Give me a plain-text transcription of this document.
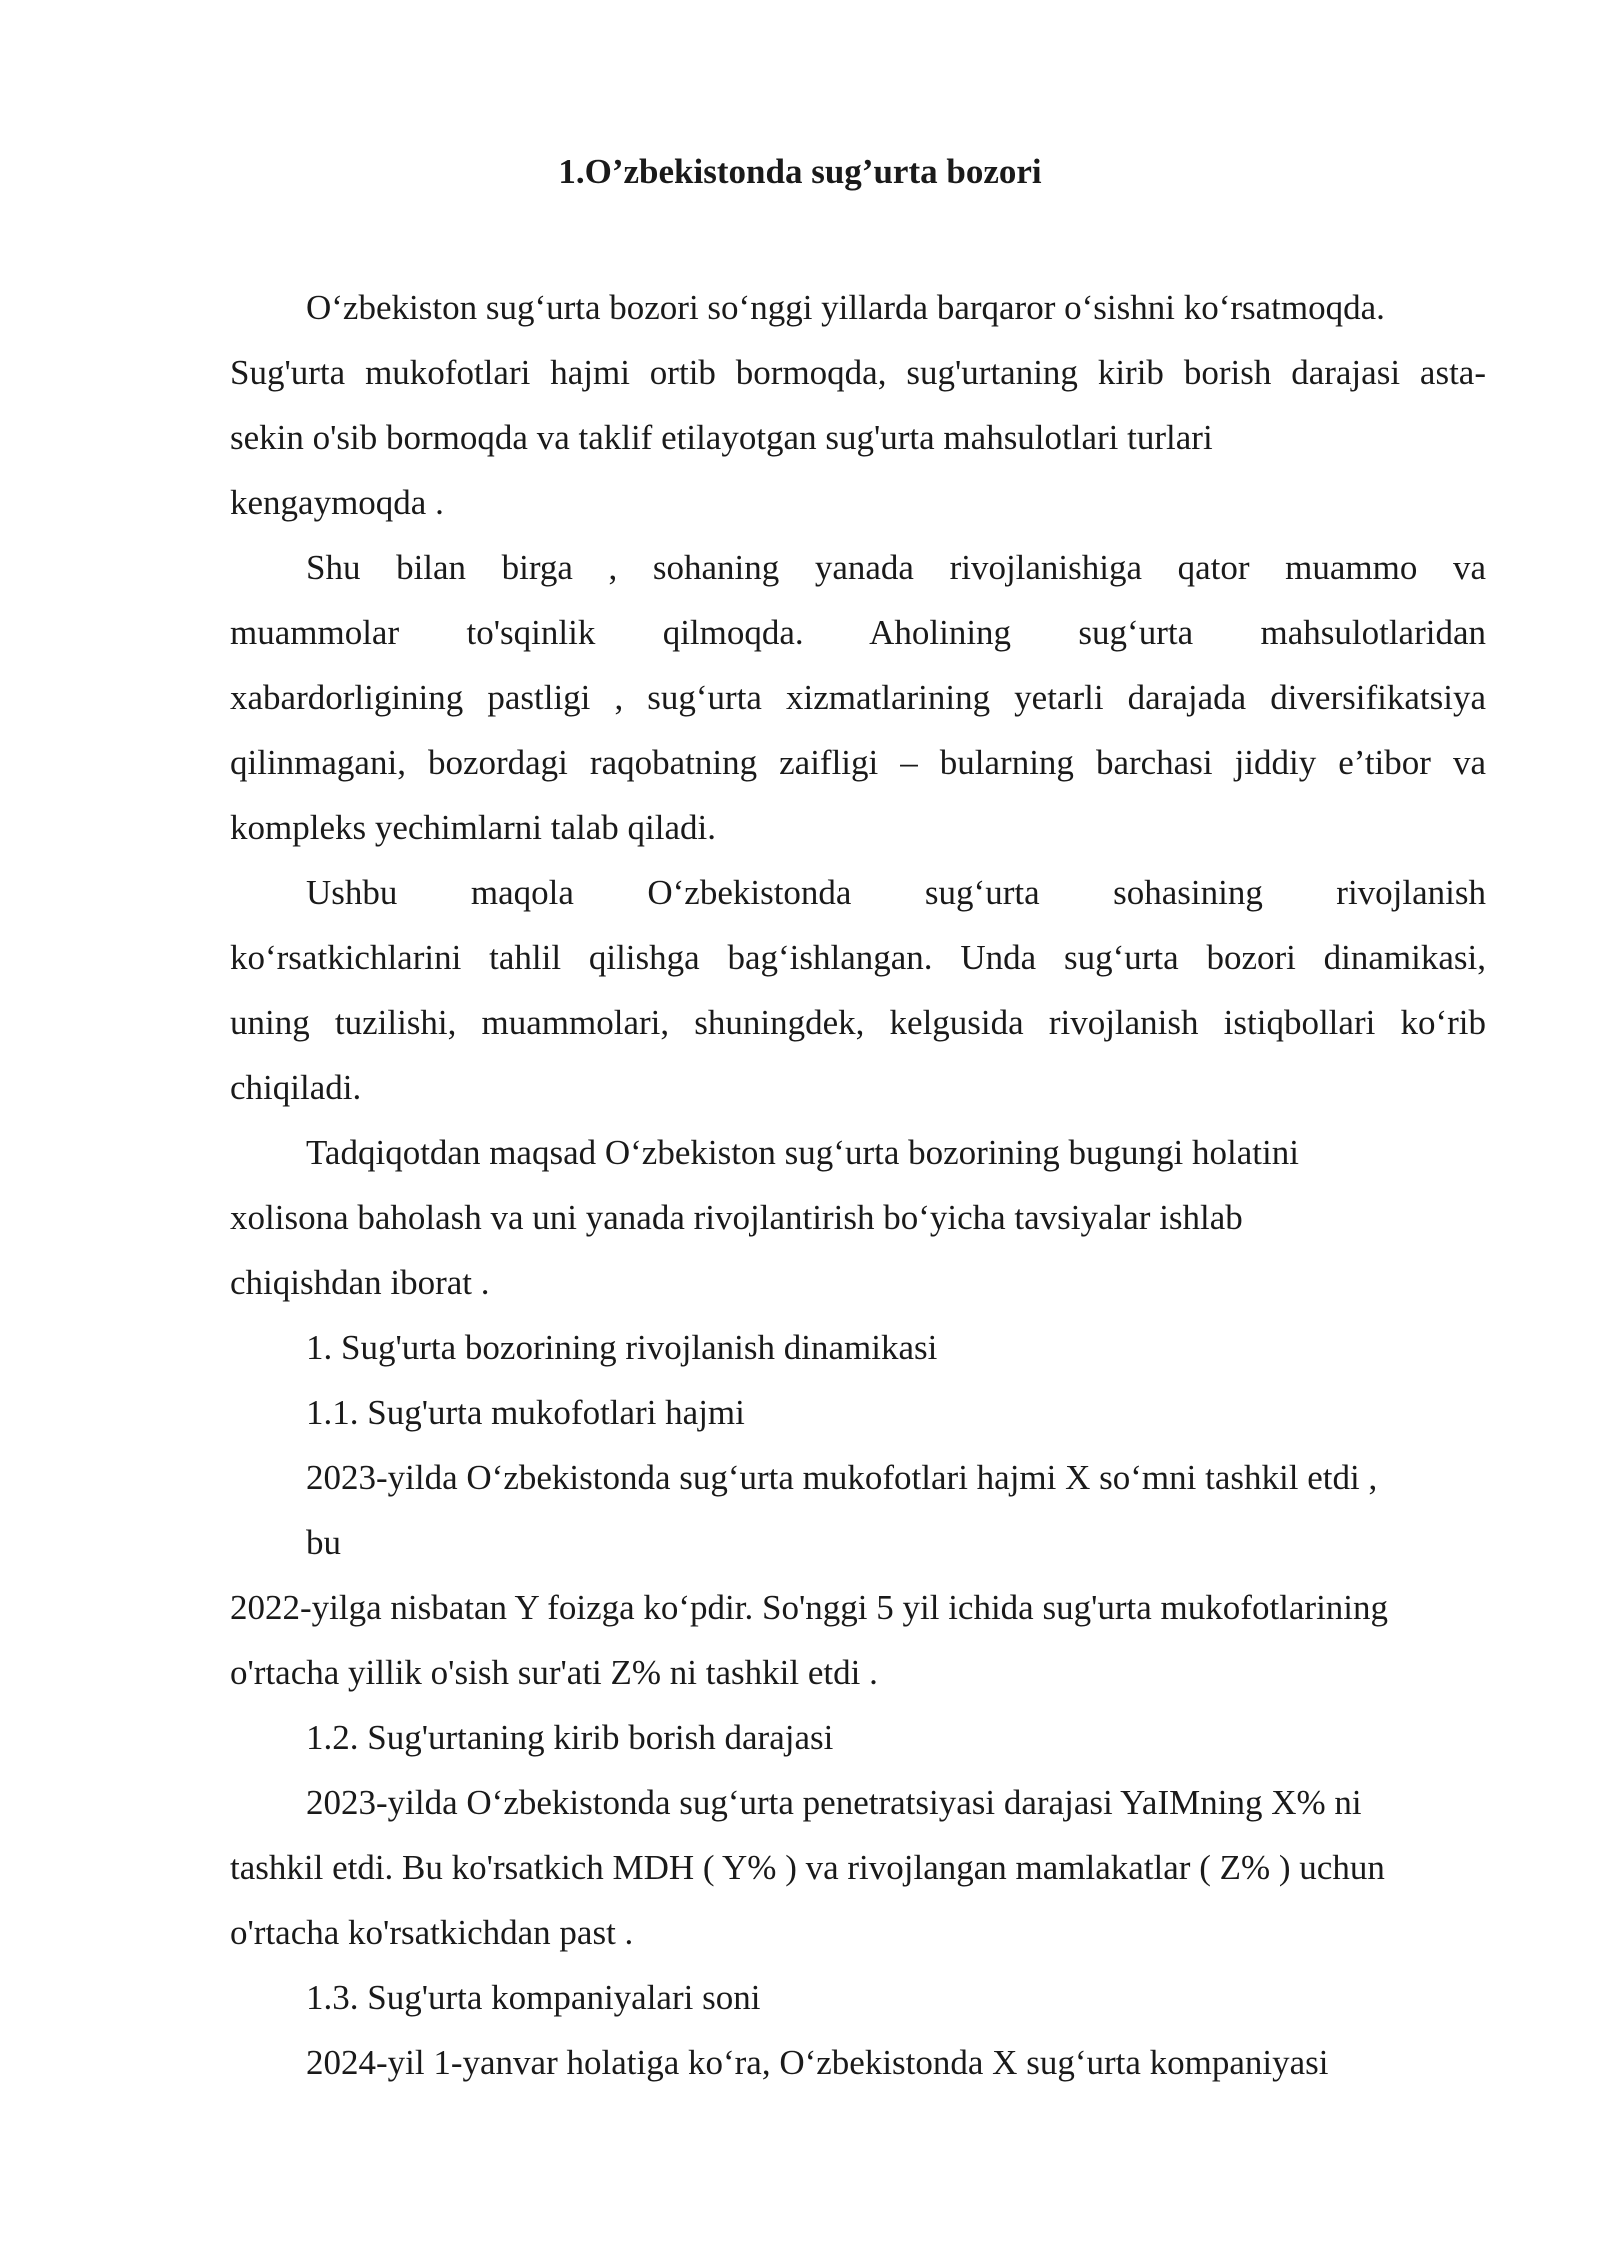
1.O’zbekistonda sug’urta bozori
O‘zbekiston sug‘urta bozori so‘nggi yillarda barqaror o‘sishni ko‘rsatmoqda.
Sug'urta mukofotlari hajmi ortib bormoqda, sug'urtaning kirib borish darajasi asta-
sekin o'sib bormoqda va taklif etilayotgan sug'urta mahsulotlari turlari
kengaymoqda .
Shu bilan birga , sohaning yanada rivojlanishiga qator muammo va
muammolar to'sqinlik qilmoqda. Aholining sug‘urta mahsulotlaridan
xabardorligining pastligi , sug‘urta xizmatlarining yetarli darajada diversifikatsiya
qilinmagani, bozordagi raqobatning zaifligi – bularning barchasi jiddiy e’tibor va
kompleks yechimlarni talab qiladi.
Ushbu maqola O‘zbekistonda sug‘urta sohasining rivojlanish
ko‘rsatkichlarini tahlil qilishga bag‘ishlangan. Unda sug‘urta bozori dinamikasi,
uning tuzilishi, muammolari, shuningdek, kelgusida rivojlanish istiqbollari ko‘rib
chiqiladi.
Tadqiqotdan maqsad O‘zbekiston sug‘urta bozorining bugungi holatini
xolisona baholash va uni yanada rivojlantirish bo‘yicha tavsiyalar ishlab
chiqishdan iborat .
1. Sug'urta bozorining rivojlanish dinamikasi
1.1. Sug'urta mukofotlari hajmi
2023-yilda O‘zbekistonda sug‘urta mukofotlari hajmi X so‘mni tashkil etdi ,
bu
2022-yilga nisbatan Y foizga ko‘pdir. So'nggi 5 yil ichida sug'urta mukofotlarining
o'rtacha yillik o'sish sur'ati Z% ni tashkil etdi .
1.2. Sug'urtaning kirib borish darajasi
2023-yilda O‘zbekistonda sug‘urta penetratsiyasi darajasi YaIMning X% ni
tashkil etdi. Bu ko'rsatkich MDH ( Y% ) va rivojlangan mamlakatlar ( Z% ) uchun
o'rtacha ko'rsatkichdan past .
1.3. Sug'urta kompaniyalari soni
2024-yil 1-yanvar holatiga ko‘ra, O‘zbekistonda X sug‘urta kompaniyasi
